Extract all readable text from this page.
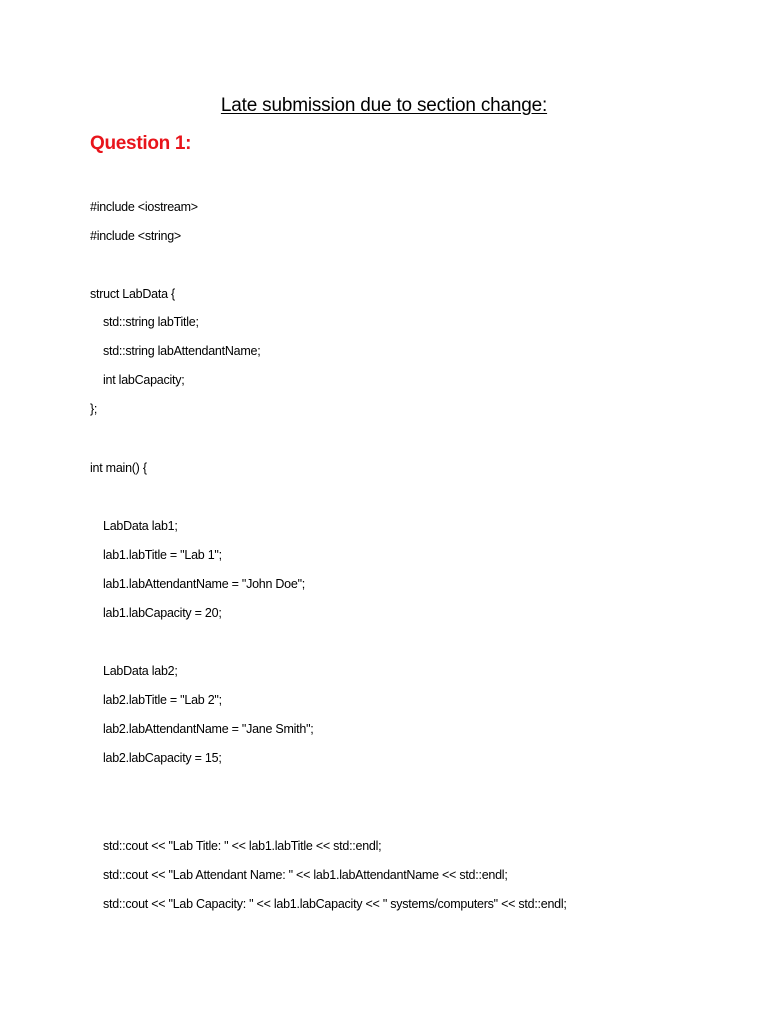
Late submission due to section change:
Question 1:
#include <iostream>
#include <string>
struct LabData {
std::string labTitle;
std::string labAttendantName;
int labCapacity;
};
int main() {
LabData lab1;
lab1.labTitle = "Lab 1";
lab1.labAttendantName = "John Doe";
lab1.labCapacity = 20;
LabData lab2;
lab2.labTitle = "Lab 2";
lab2.labAttendantName = "Jane Smith";
lab2.labCapacity = 15;
std::cout << "Lab Title: " << lab1.labTitle << std::endl;
std::cout << "Lab Attendant Name: " << lab1.labAttendantName << std::endl;
std::cout << "Lab Capacity: " << lab1.labCapacity << " systems/computers" << std::endl;
